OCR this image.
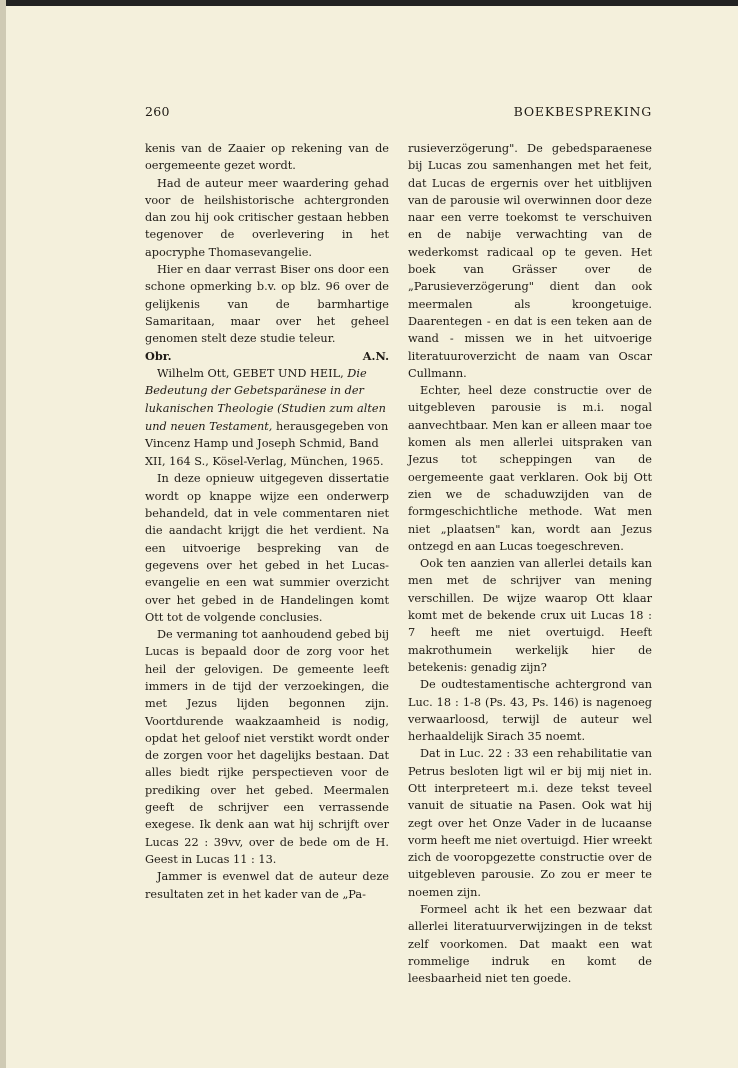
260	BOEKBESPREKING

kenis van de Zaaier op rekening van de oergemeente gezet wordt.

Had de auteur meer waardering gehad voor de heilshistorische achtergronden dan zou hij ook critischer gestaan hebben tegenover de overlevering in het apocryphe Thomasevangelie.

Hier en daar verrast Biser ons door een schone opmerking b.v. op blz. 96 over de gelijkenis van de barmhartige Samaritaan, maar over het geheel genomen stelt deze studie teleur.

Obr.	A.N.

Wilhelm Ott, GEBET UND HEIL, Die Bedeutung der Gebetsparänese in der lukanischen Theologie (Studien zum alten und neuen Testament, herausgegeben von Vincenz Hamp und Joseph Schmid, Band XII, 164 S., Kösel-Verlag, München, 1965.

In deze opnieuw uitgegeven dissertatie wordt op knappe wijze een onderwerp behandeld, dat in vele commentaren niet die aandacht krijgt die het verdient. Na een uitvoerige bespreking van de gegevens over het gebed in het Lucas-evangelie en een wat summier overzicht over het gebed in de Handelingen komt Ott tot de volgende conclusies.

De vermaning tot aanhoudend gebed bij Lucas is bepaald door de zorg voor het heil der gelovigen. De gemeente leeft immers in de tijd der verzoekingen, die met Jezus lijden begonnen zijn. Voortdurende waakzaamheid is nodig, opdat het geloof niet verstikt wordt onder de zorgen voor het dagelijks bestaan. Dat alles biedt rijke perspectieven voor de prediking over het gebed. Meermalen geeft de schrijver een verrassende exegese. Ik denk aan wat hij schrijft over Lucas 22 : 39vv, over de bede om de H. Geest in Lucas 11 : 13.

Jammer is evenwel dat de auteur deze resultaten zet in het kader van de „Pa-

rusieverzögerung". De gebedsparaenese bij Lucas zou samenhangen met het feit, dat Lucas de ergernis over het uitblijven van de parousie wil overwinnen door deze naar een verre toekomst te verschuiven en de nabije verwachting van de wederkomst radicaal op te geven. Het boek van Grässer over de „Parusieverzögerung" dient dan ook meermalen als kroongetuige. Daarentegen - en dat is een teken aan de wand - missen we in het uitvoerige literatuuroverzicht de naam van Oscar Cullmann.

Echter, heel deze constructie over de uitgebleven parousie is m.i. nogal aanvechtbaar. Men kan er alleen maar toe komen als men allerlei uitspraken van Jezus tot scheppingen van de oergemeente gaat verklaren. Ook bij Ott zien we de schaduwzijden van de formgeschichtliche methode. Wat men niet „plaatsen" kan, wordt aan Jezus ontzegd en aan Lucas toegeschreven.

Ook ten aanzien van allerlei details kan men met de schrijver van mening verschillen. De wijze waarop Ott klaar komt met de bekende crux uit Lucas 18 : 7 heeft me niet overtuigd. Heeft makrothumein werkelijk hier de betekenis: genadig zijn?

De oudtestamentische achtergrond van Luc. 18 : 1-8 (Ps. 43, Ps. 146) is nagenoeg verwaarloosd, terwijl de auteur wel herhaaldelijk Sirach 35 noemt.

Dat in Luc. 22 : 33 een rehabilitatie van Petrus besloten ligt wil er bij mij niet in. Ott interpreteert m.i. deze tekst teveel vanuit de situatie na Pasen. Ook wat hij zegt over het Onze Vader in de lucaanse vorm heeft me niet overtuigd. Hier wreekt zich de vooropgezette constructie over de uitgebleven parousie. Zo zou er meer te noemen zijn.

Formeel acht ik het een bezwaar dat allerlei literatuurverwijzingen in de tekst zelf voorkomen. Dat maakt een wat rommelige indruk en komt de leesbaarheid niet ten goede.
